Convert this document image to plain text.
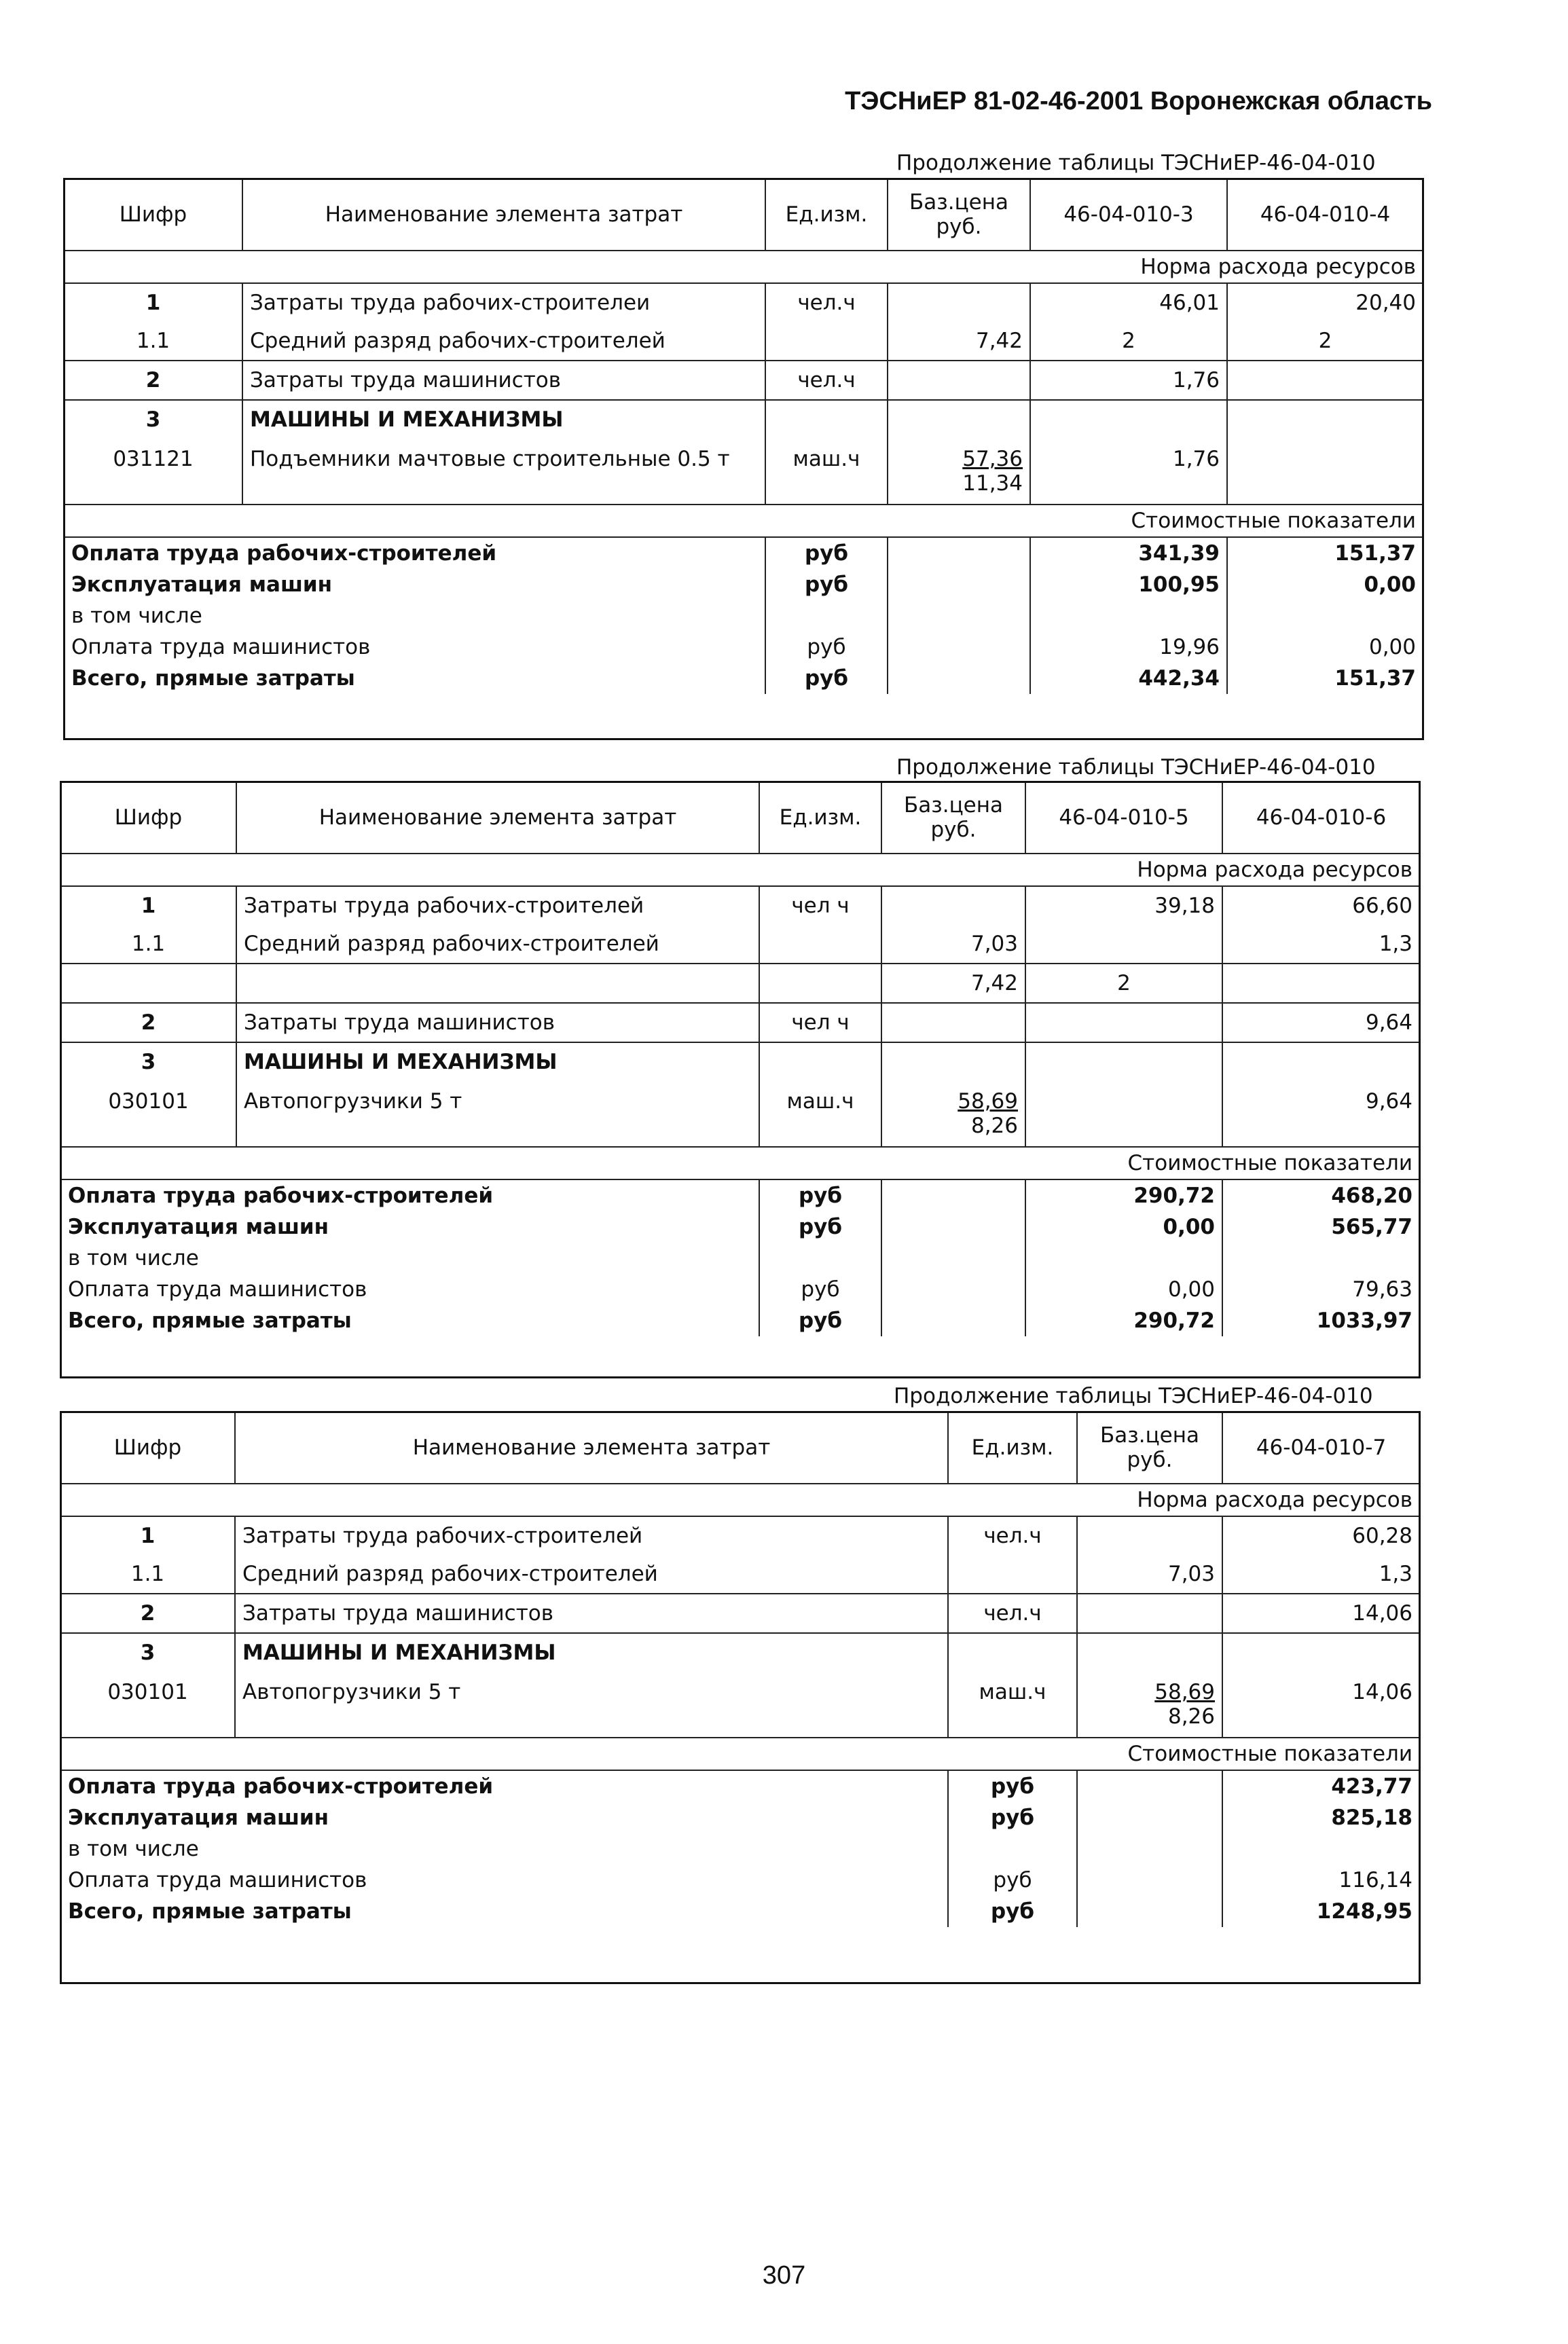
ТЭСНиЕР 81-02-46-2001 Воронежская область
Продолжение таблицы ТЭСНиЕР-46-04-010
Шифр	Наименование элемента затрат	Ед.изм.	Баз.цена
руб.	46-04-010-3	46-04-010-4
Норма расхода ресурсов					
1	Затраты труда рабочих-строителеи	чел.ч		46,01	20,40
1.1	Средний разряд рабочих-строителей		7,42	2	2
2	Затраты труда машинистов	чел.ч		1,76	
3	МАШИНЫ И МЕХАНИЗМЫ				
031121	Подъемники мачтовые строительные 0.5 т	маш.ч	57,36
11,34	1,76	
Стоимостные показатели					
Оплата труда рабочих-строителей		руб		341,39	151,37
Эксплуатация машин		руб		100,95	0,00
в том числе					
Оплата труда машинистов		руб		19,96	0,00
Всего, прямые затраты		руб		442,34	151,37
Продолжение таблицы ТЭСНиЕР-46-04-010
Шифр	Наименование элемента затрат	Ед.изм.	Баз.цена
руб.	46-04-010-5	46-04-010-6
Норма расхода ресурсов					
1	Затраты труда рабочих-строителей	чел ч		39,18	66,60
1.1	Средний разряд рабочих-строителей		7,03		1,3
			7,42	2	
2	Затраты труда машинистов	чел ч			9,64
3	МАШИНЫ И МЕХАНИЗМЫ				
030101	Автопогрузчики 5 т	маш.ч	58,69
8,26		9,64
Стоимостные показатели					
Оплата труда рабочих-строителей		руб		290,72	468,20
Эксплуатация машин		руб		0,00	565,77
в том числе					
Оплата труда машинистов		руб		0,00	79,63
Всего, прямые затраты		руб		290,72	1033,97
Продолжение таблицы ТЭСНиЕР-46-04-010
Шифр	Наименование элемента затрат	Ед.изм.	Баз.цена
руб.	46-04-010-7
Норма расхода ресурсов				
1	Затраты труда рабочих-строителей	чел.ч		60,28
1.1	Средний разряд рабочих-строителей		7,03	1,3
2	Затраты труда машинистов	чел.ч		14,06
3	МАШИНЫ И МЕХАНИЗМЫ			
030101	Автопогрузчики 5 т	маш.ч	58,69
8,26	14,06
Стоимостные показатели				
Оплата труда рабочих-строителей		руб		423,77
Эксплуатация машин		руб		825,18
в том числе				
Оплата труда машинистов		руб		116,14
Всего, прямые затраты		руб		1248,95
307
